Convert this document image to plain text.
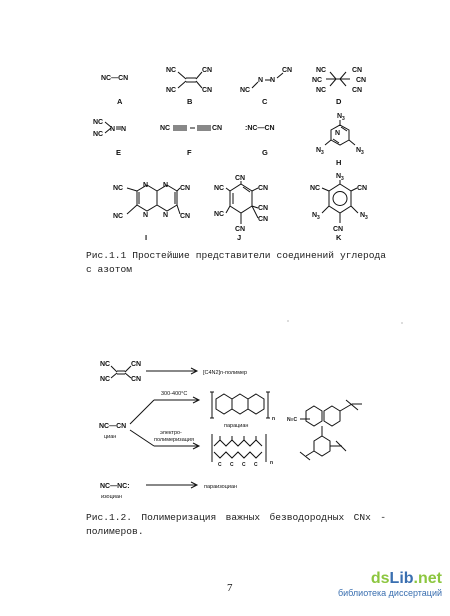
NC—CN
A
NC	CN
NC	CN
B
NC
N N
CN
C
NC	CN
NC	CN
NC	CN
D
NC
NC
N N
E
NC	CN
F
:NC—CN
G
N 3
N
N 3	N 3
H
NC
NC
CN
CN
N N
N N
I
CN
NC	CN
NC
CN
CN
CN
J
N 3
NC	CN
N 3	N 3
CN
K
Рис.1.1 Простейшие представители соединений углерода с азотом
NC	CN
NC	CN
[C4N2]n-полимер
NC—CN
циан
300-400°C
n
парациан
электро-
полимеризация
C C C C n
N≡C
NC—NC:
изоциан
параизоциан
Рис.1.2. Полимеризация важных безводородных CNx - полимеров.
7
dsLib.net
библиотека диссертаций
